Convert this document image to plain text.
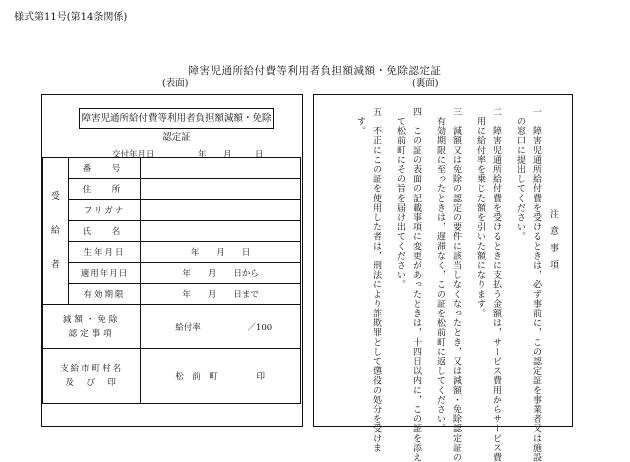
様式第11号(第14条関係)
障害児通所給付費等利用者負担額減額・免除認定証
(表面)	(裏面)
障害児通所給付費等利用者負担額減額・免除認定証
交付年月日	年 月	日
受
給
者	番　号	
	住　所	
	フリガナ	
	氏　名	
	生年月日	年　　月　　日
	適用年月日	年　　月　　日から
	有効期限	年　　月　　日まで
減額・免除
認定事項		給付率 ／100
支給市町村名
及　び　印		松　前　町 印
注意事項
一　障害児通所給付費を受けるときは，必ず事前に，この認定証を事業者又は施設
　の窓口に提出してください。
二　障害児通所給付費を受けるときに支払う金額は，サービス費用からサービス費
　用に給付率を乗じた額を引いた額になります。
三　減額又は免除の認定の要件に該当しなくなったとき，又は減額・免除認定証の
　有効期限に至ったときは，遅滞なく，この証を松前町に返してください。
四　この証の表面の記載事項に変更があったときは，十四日以内に，この証を添え
　て松前町にその旨を届け出てください。
五　不正にこの証を使用した者は，刑法により詐欺罪として懲役の処分を受けま
　す。
